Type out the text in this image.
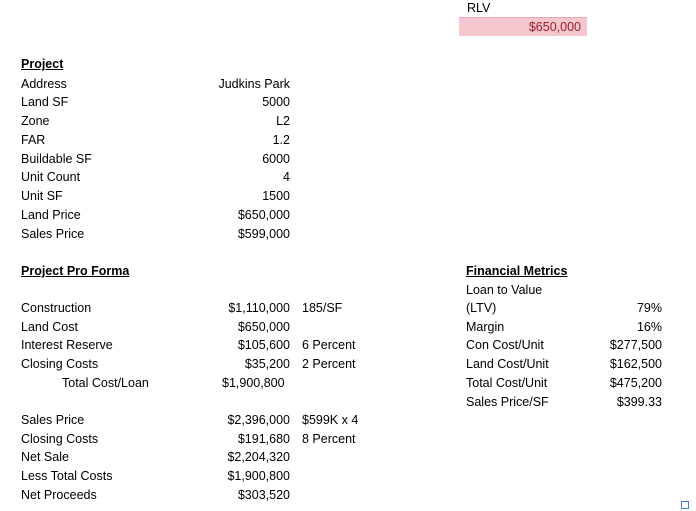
RLV
$650,000
Project
Address	Judkins Park
Land SF	5000
Zone	L2
FAR	1.2
Buildable SF	6000
Unit Count	4
Unit SF	1500
Land Price	$650,000
Sales Price	$599,000
Project Pro Forma
Construction	$1,110,000 185/SF
Land Cost	$650,000
Interest Reserve	$105,600 6 Percent
Closing Costs	$35,200 2 Percent
Total Cost/Loan	$1,900,800
Sales Price	$2,396,000 $599K x 4
Closing Costs	$191,680 8 Percent
Net Sale	$2,204,320
Less Total Costs	$1,900,800
Net Proceeds	$303,520
Financial Metrics
Loan to Value
(LTV)	79%
Margin	16%
Con Cost/Unit	$277,500
Land Cost/Unit	$162,500
Total Cost/Unit	$475,200
Sales Price/SF	$399.33
